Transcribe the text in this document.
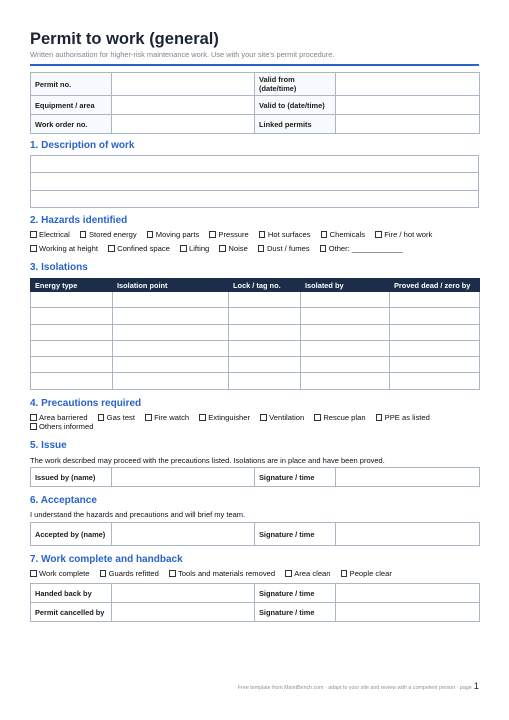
Permit to work (general)
Written authorisation for higher-risk maintenance work. Use with your site's permit procedure.
Permit no.		Valid from (date/time)	
Equipment / area		Valid to (date/time)	
Work order no.		Linked permits	
1. Description of work

2. Hazards identified
Electrical	Stored energy	Moving parts	Pressure	Hot surfaces	Chemicals	Fire / hot work
Working at height	Confined space	Lifting	Noise	Dust / fumes	Other: ____________
3. Isolations
Energy type	Isolation point	Lock / tag no.	Isolated by	Proved dead / zero by

4. Precautions required
Area barriered	Gas test	Fire watch	Extinguisher	Ventilation	Rescue plan	PPE as listed
Others informed
5. Issue
The work described may proceed with the precautions listed. Isolations are in place and have been proved.
Issued by (name)		Signature / time	
6. Acceptance
I understand the hazards and precautions and will brief my team.
Accepted by (name)		Signature / time	
7. Work complete and handback
Work complete	Guards refitted	Tools and materials removed	Area clean	People clear
Handed back by		Signature / time	
Permit cancelled by		Signature / time	
Free template from MaintBench.com · adapt to your site and review with a competent person · page 1
